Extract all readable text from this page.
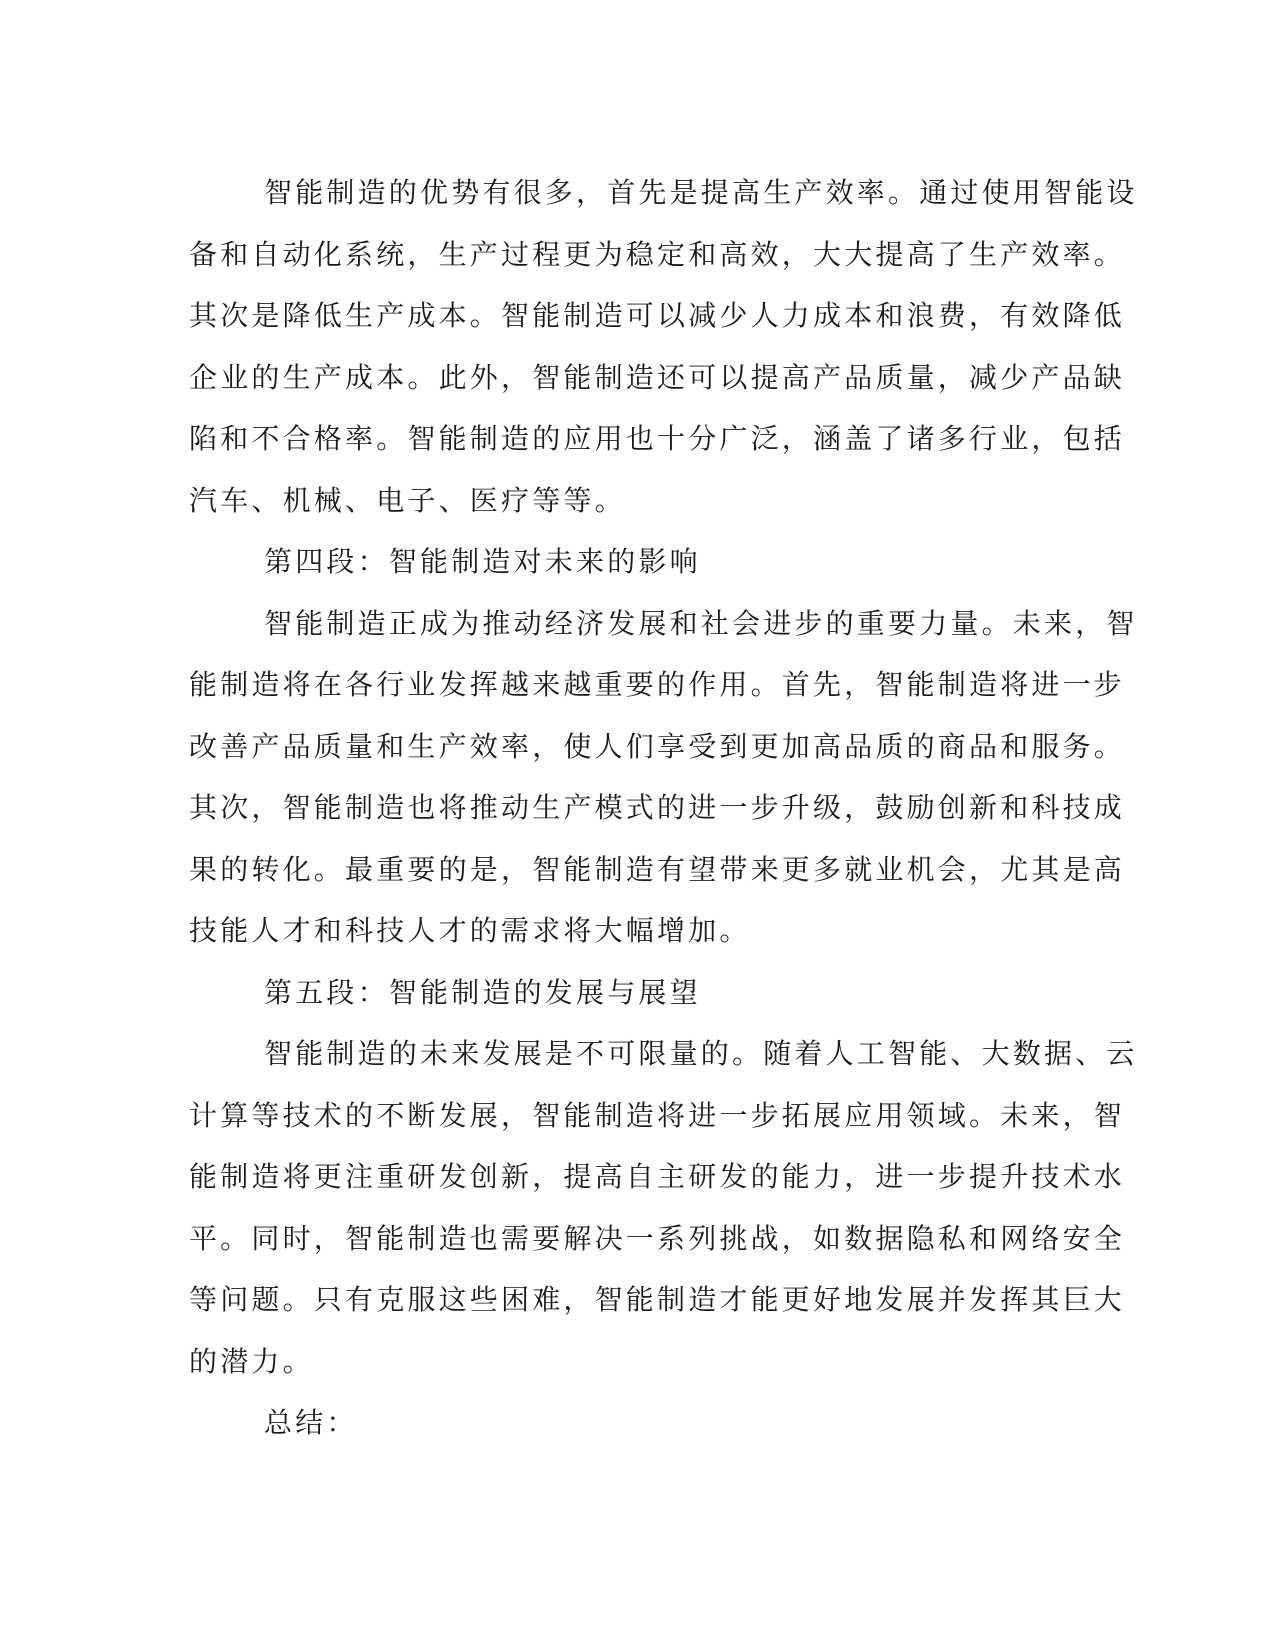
智能制造的优势有很多，首先是提高生产效率。通过使用智能设
备和自动化系统，生产过程更为稳定和高效，大大提高了生产效率。
其次是降低生产成本。智能制造可以减少人力成本和浪费，有效降低
企业的生产成本。此外，智能制造还可以提高产品质量，减少产品缺
陷和不合格率。智能制造的应用也十分广泛，涵盖了诸多行业，包括
汽车、机械、电子、医疗等等。
第四段：智能制造对未来的影响
智能制造正成为推动经济发展和社会进步的重要力量。未来，智
能制造将在各行业发挥越来越重要的作用。首先，智能制造将进一步
改善产品质量和生产效率，使人们享受到更加高品质的商品和服务。
其次，智能制造也将推动生产模式的进一步升级，鼓励创新和科技成
果的转化。最重要的是，智能制造有望带来更多就业机会，尤其是高
技能人才和科技人才的需求将大幅增加。
第五段：智能制造的发展与展望
智能制造的未来发展是不可限量的。随着人工智能、大数据、云
计算等技术的不断发展，智能制造将进一步拓展应用领域。未来，智
能制造将更注重研发创新，提高自主研发的能力，进一步提升技术水
平。同时，智能制造也需要解决一系列挑战，如数据隐私和网络安全
等问题。只有克服这些困难，智能制造才能更好地发展并发挥其巨大
的潜力。
总结：
